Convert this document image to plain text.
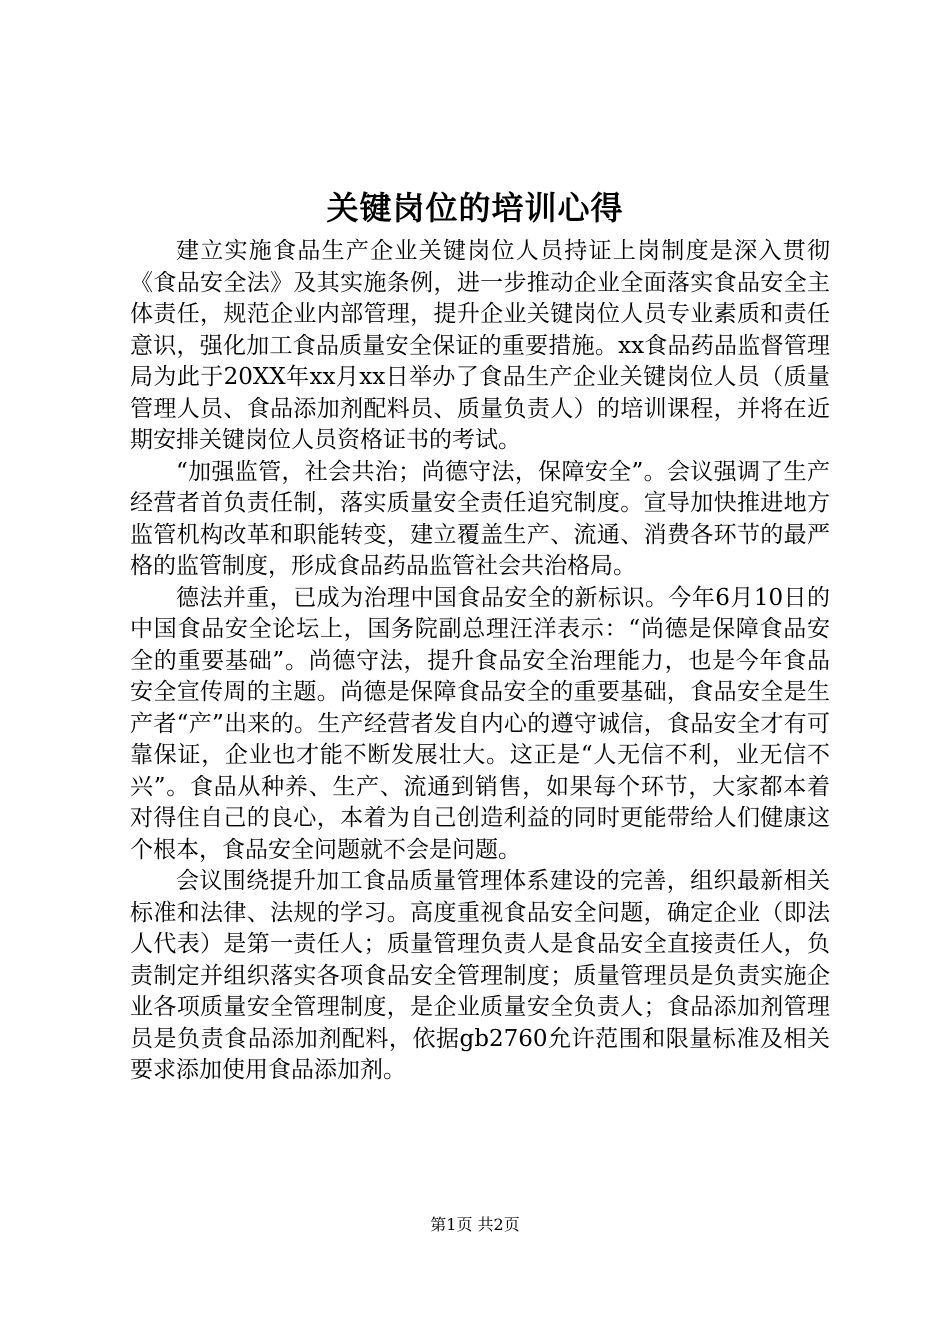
关键岗位的培训心得

建立实施食品生产企业关键岗位人员持证上岗制度是深入贯彻《食品安全法》及其实施条例，进一步推动企业全面落实食品安全主体责任，规范企业内部管理，提升企业关键岗位人员专业素质和责任意识，强化加工食品质量安全保证的重要措施。xx食品药品监督管理局为此于20XX年xx月xx日举办了食品生产企业关键岗位人员（质量管理人员、食品添加剂配料员、质量负责人）的培训课程，并将在近期安排关键岗位人员资格证书的考试。

“加强监管，社会共治；尚德守法，保障安全”。会议强调了生产经营者首负责任制，落实质量安全责任追究制度。宣导加快推进地方监管机构改革和职能转变，建立覆盖生产、流通、消费各环节的最严格的监管制度，形成食品药品监管社会共治格局。

德法并重，已成为治理中国食品安全的新标识。今年6月10日的中国食品安全论坛上，国务院副总理汪洋表示：“尚德是保障食品安全的重要基础”。尚德守法，提升食品安全治理能力，也是今年食品安全宣传周的主题。尚德是保障食品安全的重要基础，食品安全是生产者“产”出来的。生产经营者发自内心的遵守诚信，食品安全才有可靠保证，企业也才能不断发展壮大。这正是“人无信不利，业无信不兴”。食品从种养、生产、流通到销售，如果每个环节，大家都本着对得住自己的良心，本着为自己创造利益的同时更能带给人们健康这个根本，食品安全问题就不会是问题。

会议围绕提升加工食品质量管理体系建设的完善，组织最新相关标准和法律、法规的学习。高度重视食品安全问题，确定企业（即法人代表）是第一责任人；质量管理负责人是食品安全直接责任人，负责制定并组织落实各项食品安全管理制度；质量管理员是负责实施企业各项质量安全管理制度，是企业质量安全负责人；食品添加剂管理员是负责食品添加剂配料，依据gb2760允许范围和限量标准及相关要求添加使用食品添加剂。

第1页 共2页
